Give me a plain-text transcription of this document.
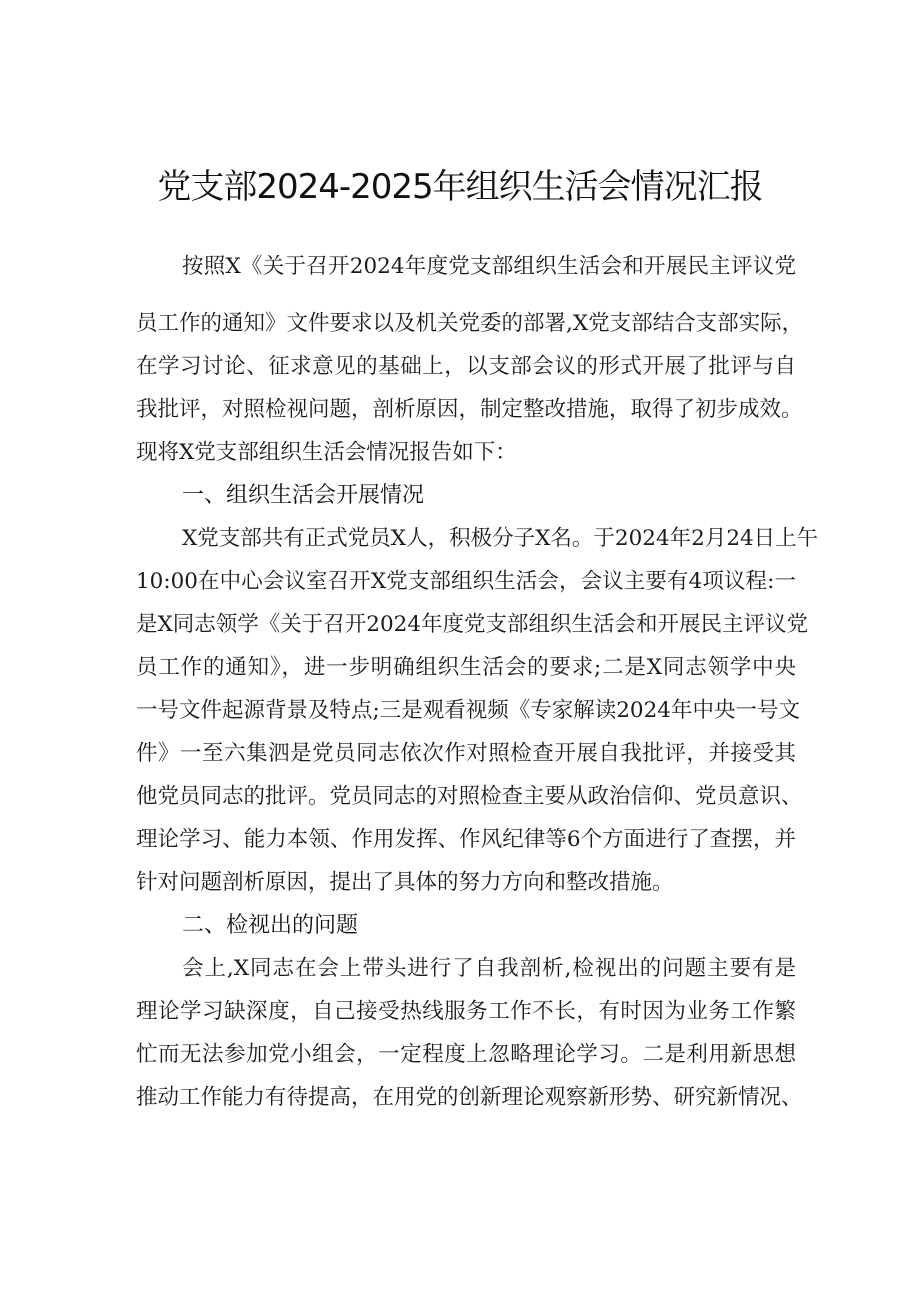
党支部2024-2025年组织生活会情况汇报
按照X《关于召开2024年度党支部组织生活会和开展民主评议党
员工作的通知》文件要求以及机关党委的部署,X党支部结合支部实际，
在学习讨论、征求意见的基础上，以支部会议的形式开展了批评与自
我批评，对照检视问题，剖析原因，制定整改措施，取得了初步成效。
现将X党支部组织生活会情况报告如下：
一、组织生活会开展情况
X党支部共有正式党员X人，积极分子X名。于2024年2月24日上午
10:00在中心会议室召开X党支部组织生活会，会议主要有4项议程:一
是X同志领学《关于召开2024年度党支部组织生活会和开展民主评议党
员工作的通知》，进一步明确组织生活会的要求;二是X同志领学中央
一号文件起源背景及特点;三是观看视频《专家解读2024年中央一号文
件》一至六集泗是党员同志依次作对照检查开展自我批评，并接受其
他党员同志的批评。党员同志的对照检查主要从政治信仰、党员意识、
理论学习、能力本领、作用发挥、作风纪律等6个方面进行了查摆，并
针对问题剖析原因，提出了具体的努力方向和整改措施。
二、检视出的问题
会上,X同志在会上带头进行了自我剖析,检视出的问题主要有是
理论学习缺深度，自己接受热线服务工作不长，有时因为业务工作繁
忙而无法参加党小组会，一定程度上忽略理论学习。二是利用新思想
推动工作能力有待提高，在用党的创新理论观察新形势、研究新情况、
